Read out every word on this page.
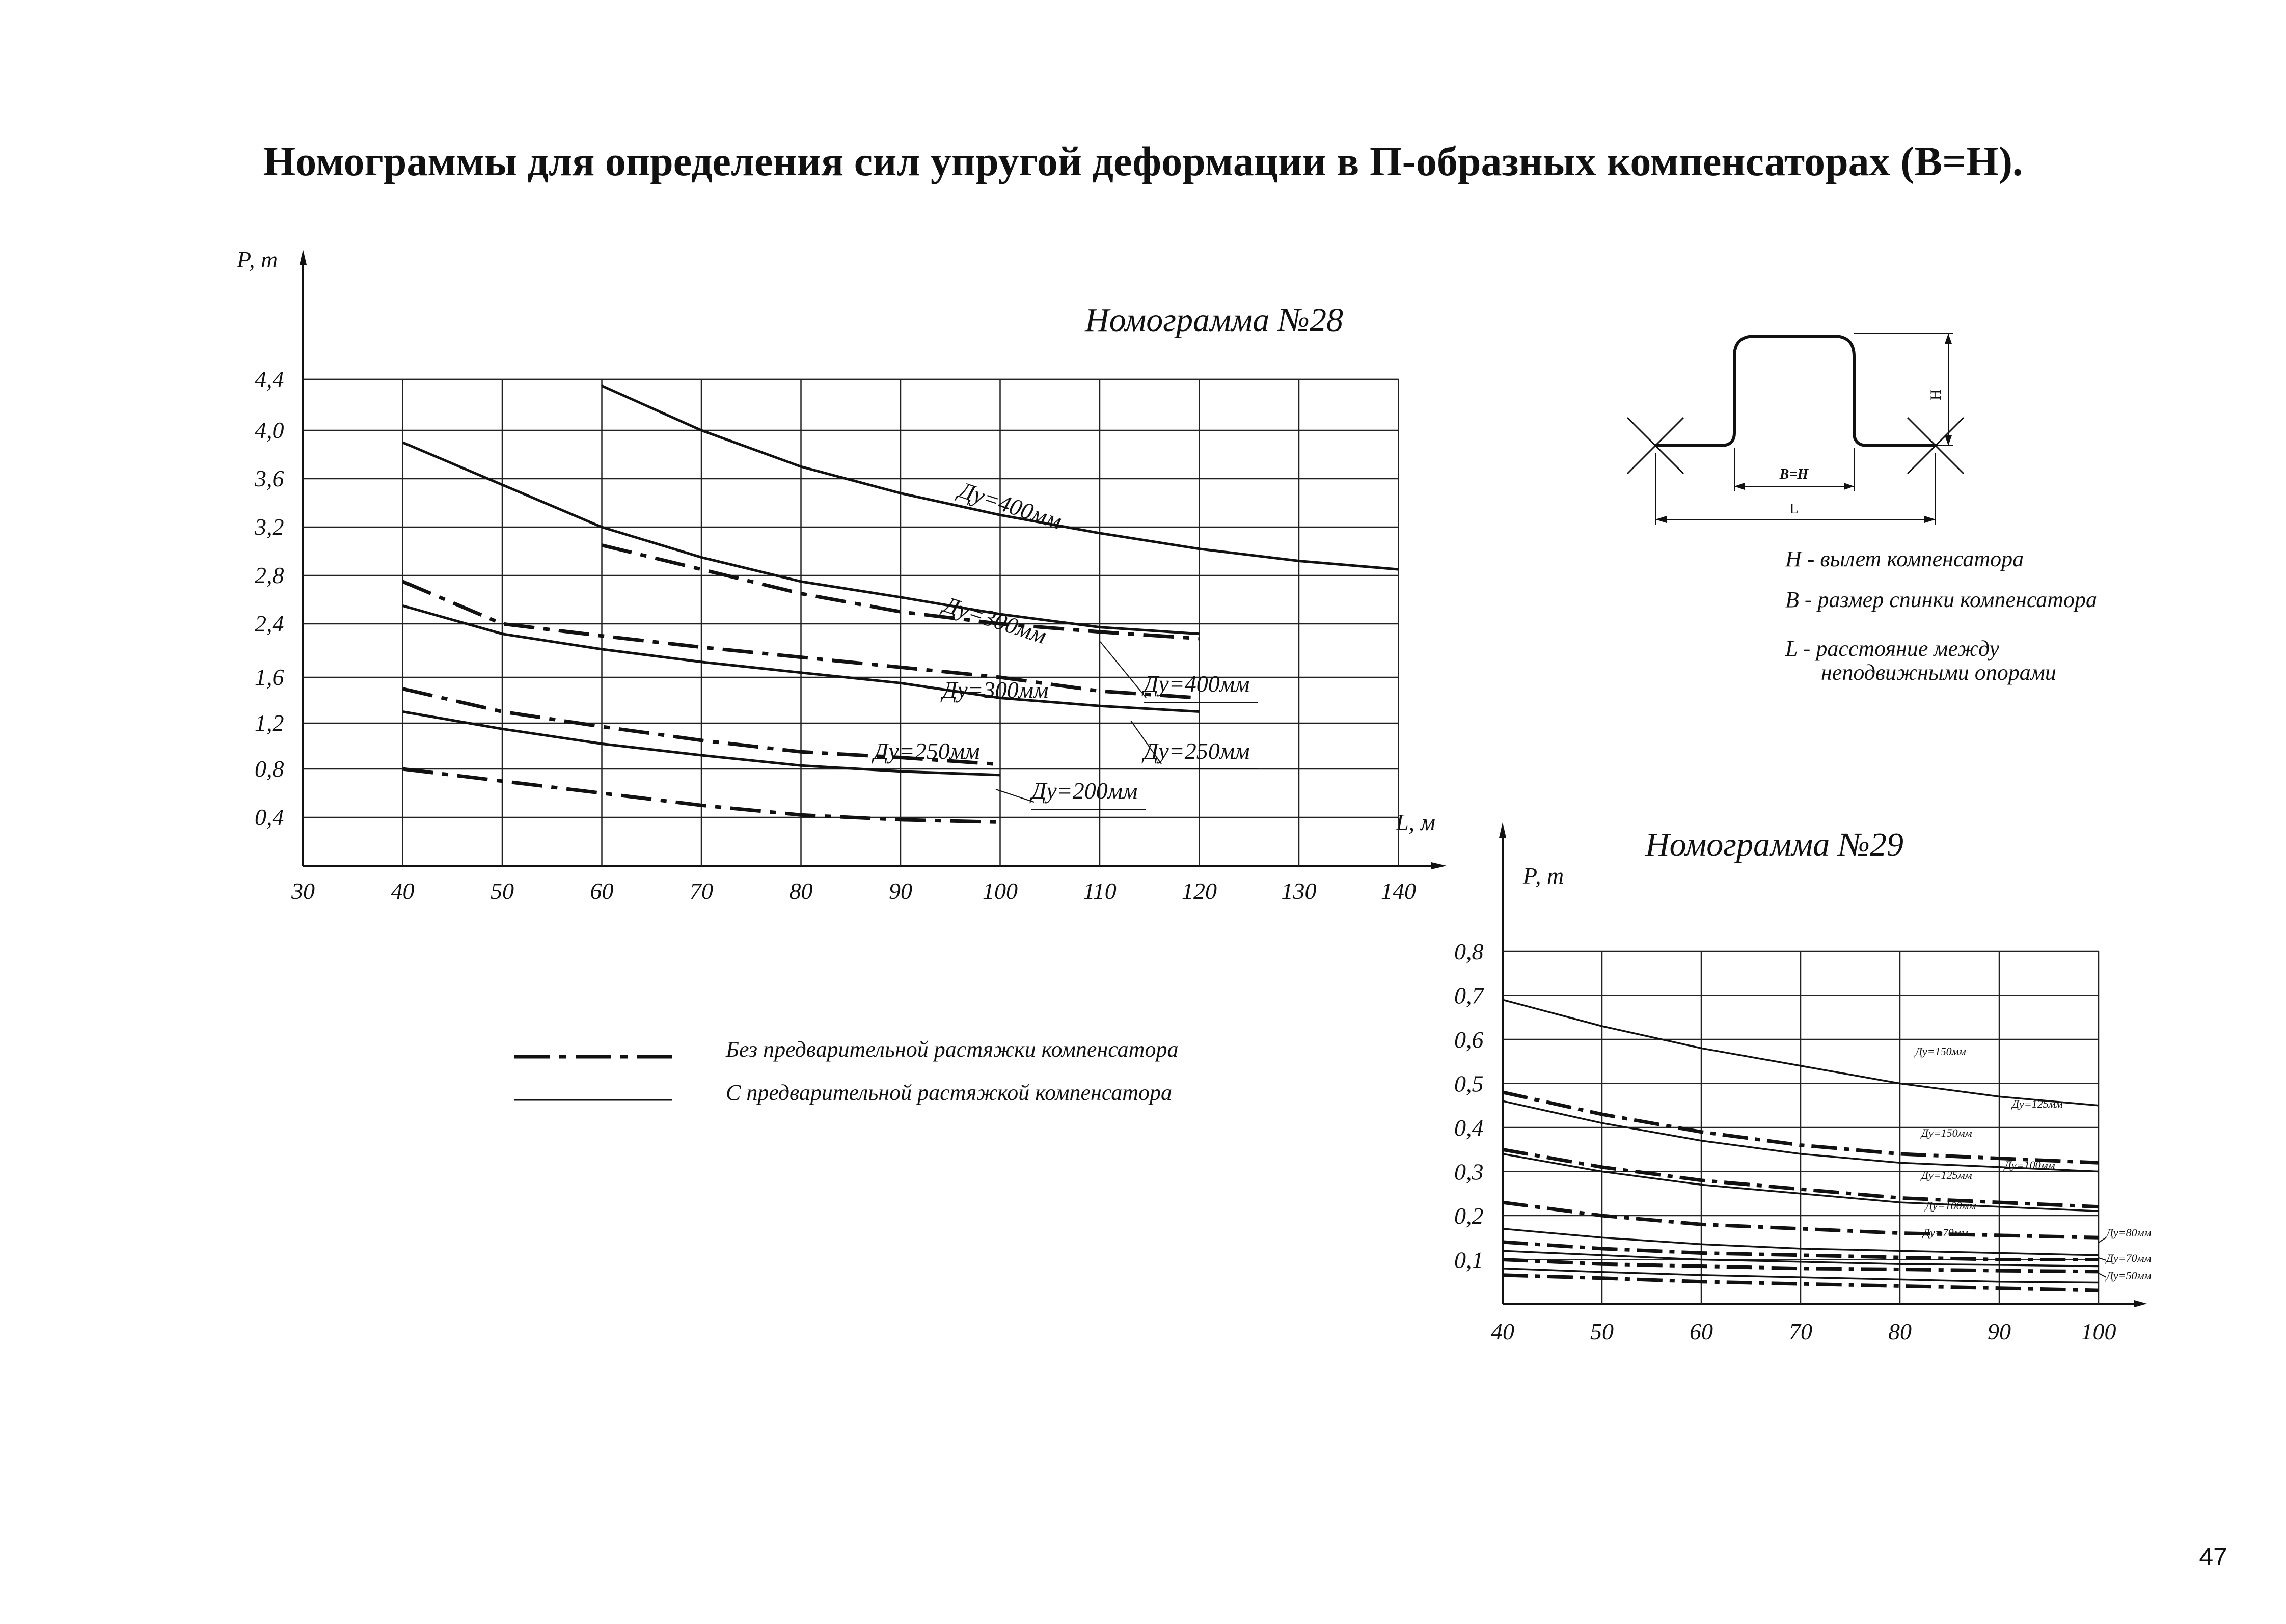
Номограммы для определения сил упругой деформации в П-образных компенсаторах (В=Н).
Номограмма №28
Р, т
L, м
0,4
0,8
1,2
1,6
2,4
2,8
3,2
3,6
4,0
4,4
30	40	50	60	70	80	90	100	110	120	130	140
Ду=400мм
Ду=300мм
Ду=300мм
Ду=250мм
Ду=400мм
Ду=250мм
Ду=200мм
Н
В=Н
L
Н - вылет компенсатора
В - размер спинки компенсатора
L - расстояние между
неподвижными опорами
Без предварительной растяжки компенсатора
С предварительной растяжкой компенсатора
Номограмма №29
Р, т
0,1
0,2
0,3
0,4
0,5
0,6
0,7
0,8
40	50	60	70	80	90	100
Ду=150мм
Ду=125мм
Ду=150мм
Ду=100мм
Ду=125мм
Ду=100мм
Ду=80мм
Ду=70мм
Ду=70мм
Ду=50мм
47
